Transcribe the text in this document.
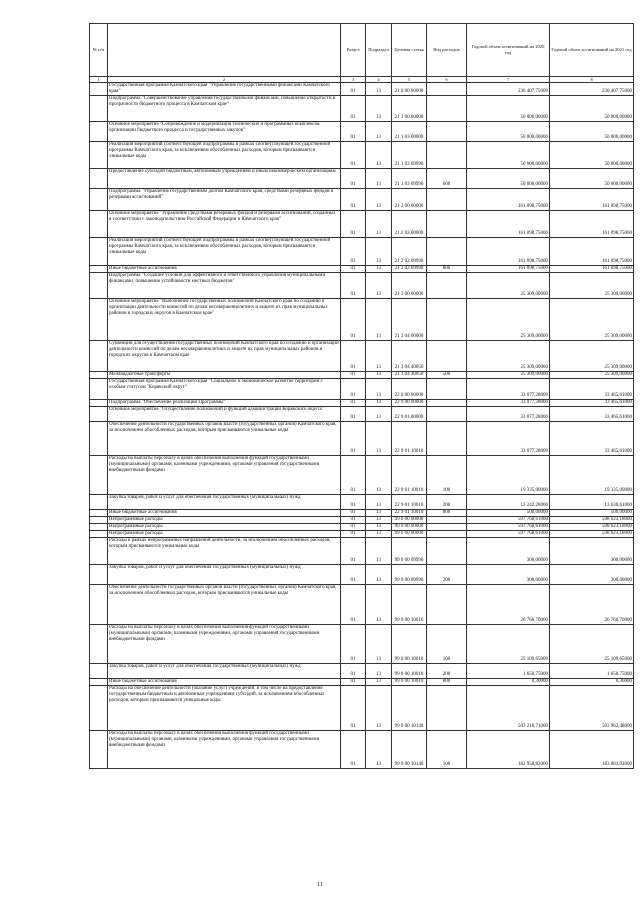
№ п/п		Раздел	Подраздел	Целевая статья	Вид расходов	Годовой объем ассигнований на 2020 год	Годовой объем ассигнований на 2021 год
1	2	3	4	5	6	7	8
	Государственная программа Камчатского края "Управление государственными финансами Камчатского края"	01	13	21 0 00 00000		236 407,75000	236 407,75000
	Подпрограмма "Совершенствование управления государственными финансами, повышение открытости и прозрачности бюджетного процесса в Камчатском крае"	01	13	21 1 00 00000		50 000,00000	50 000,00000
	Основное мероприятие "Сопровождение и модернизация технических и программных комплексов организации бюджетного процесса и государственных закупок"	01	13	21 1 03 00000		50 000,00000	50 000,00000
	Реализация мероприятий соответствующей подпрограммы в рамках соответствующей государственной программы Камчатского края, за исключением обособленных расходов, которым присваиваются уникальные коды	01	13	21 1 03 09990		50 000,00000	50 000,00000
	Предоставление субсидий бюджетным, автономным учреждениям и иным некоммерческим организациям	01	13	21 1 03 09990	600	50 000,00000	50 000,00000
	Подпрограмма "Управление государственным долгом Камчатского края, средствами резервных фондов и резервами ассигнований"	01	13	21 2 00 00000		161 098,75000	161 098,75000
	Основное мероприятие "Управление средствами резервных фондов и резервами ассигнований, созданных в соответствии с законодательством Российской Федерации и Камчатского края"	01	13	21 2 02 00000		161 098,75000	161 098,75000
	Реализация мероприятий соответствующей подпрограммы в рамках соответствующей государственной программы Камчатского края, за исключением обособленных расходов, которым присваиваются уникальные коды	01	13	21 2 02 09990		161 098,75000	161 098,75000
	Иные бюджетные ассигнования	01	13	21 2 02 09990	800	161 098,75000	161 098,75000
	Подпрограмма "Создание условий для эффективного и ответственного управления муниципальными финансами, повышения устойчивости местных бюджетов"	01	13	21 3 00 00000		25 309,00000	25 309,00000
	Основное мероприятие "Выполнение государственных полномочий Камчатского края по созданию и организации деятельности комиссий по делам несовершеннолетних и защите их прав муниципальных районов и городских округов в Камчатском крае"	01	13	21 3 04 00000		25 309,00000	25 309,00000
	Субвенции для осуществления государственных полномочий Камчатского края по созданию и организации деятельности комиссий по делам несовершеннолетних и защите их прав муниципальных районов и городских округов в Камчатском крае	01	13	21 3 04 40050		25 309,00000	25 309,00000
	Межбюджетные трансферты	01	13	21 3 04 40050	500	25 309,00000	25 309,00000
	Государственная программа Камчатского края "Социальное и экономическое развитие территории с особым статусом "Корякский округ"	01	13	22 0 00 00000		33 077,28000	33 465,61000
	Подпрограмма "Обеспечение реализации Программы"	01	13	22 9 00 00000		33 077,28000	33 465,61000
	Основное мероприятие "Осуществление полномочий и функций администрации Корякского округа"	01	13	22 9 01 00000		33 077,28000	33 465,61000
	Обеспечение деятельности государственных органов власти (государственных органов) Камчатского края, за исключением обособленных расходов, которым присваиваются уникальные коды	01	13	22 9 01 10010		33 077,28000	33 465,61000
	Расходы на выплаты персоналу в целях обеспечения выполнения функций государственными (муниципальными) органами, казенными учреждениями, органами управления государственными внебюджетными фондами	01	13	22 9 01 10010	100	19 335,00000	19 335,00000
	Закупка товаров, работ и услуг для обеспечения государственных (муниципальных) нужд	01	13	22 9 01 10010	200	13 242,28000	13 630,61000
	Иные бюджетные ассигнования	01	13	22 9 01 10010	800	500,00000	500,00000
	Непрограммные расходы	01	13	99 0 00 00000		597 768,61000	598 623,18000
	Непрограммные расходы	01	13	99 0 00 00000		597 768,61000	598 623,18000
	Непрограммные расходы	01	13	99 0 00 00000		597 768,61000	598 623,18000
	Расходы в рамках непрограммных направлений деятельности, за исключением обособленных расходов, которым присваиваются уникальные коды	01	13	99 0 00 09990		300,00000	300,00000
	Закупка товаров, работ и услуг для обеспечения государственных (муниципальных) нужд	01	13	99 0 00 09990	200	300,00000	300,00000
	Обеспечение деятельности государственных органов власти (государственных органов) Камчатского края, за исключением обособленных расходов, которым присваиваются уникальные коды	01	13	99 0 00 10010		26 760,70000	26 760,70000
	Расходы на выплаты персоналу в целях обеспечения выполнения функций государственными (муниципальными) органами, казенными учреждениями, органами управления государственными внебюджетными фондами	01	13	99 0 00 10010	100	25 109,65000	25 109,65000
	Закупка товаров, работ и услуг для обеспечения государственных (муниципальных) нужд	01	13	99 0 00 10010	200	1 650,75000	1 650,75000
	Иные бюджетные ассигнования	01	13	99 0 00 10010	800	0,30000	0,30000
	Расходы на обеспечение деятельности (оказание услуг) учреждений, в том числе на предоставление государственным бюджетным и автономным учреждениям субсидий, за исключением обособленных расходов, которым присваиваются уникальные коды	01	13	99 0 00 10140		503 216,71000	503 962,48000
	Расходы на выплаты персоналу в целях обеспечения выполнения функций государственными (муниципальными) органами, казенными учреждениями, органами управления государственными внебюджетными фондами	01	13	99 0 00 10140	100	182 950,82000	183 081,92000
11
